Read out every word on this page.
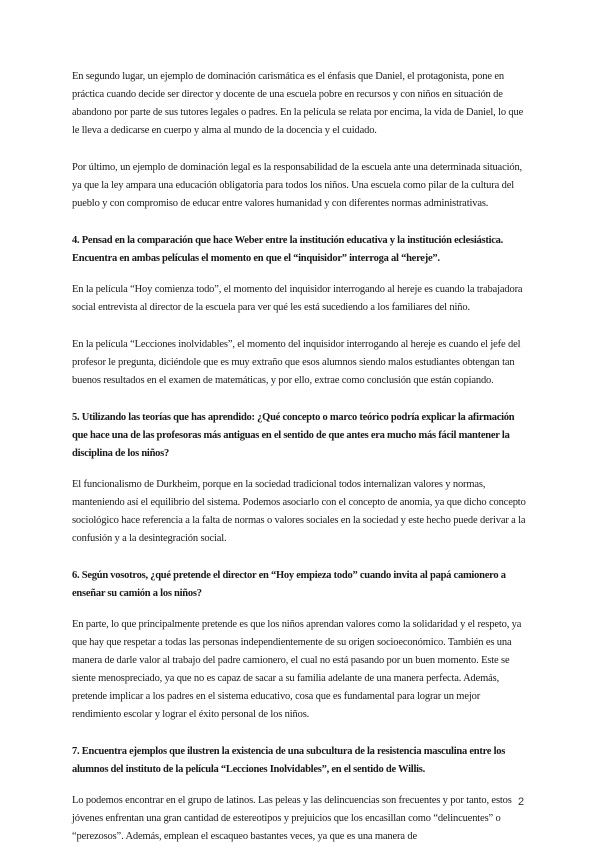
En segundo lugar, un ejemplo de dominación carismática es el énfasis que Daniel, el protagonista, pone en práctica cuando decide ser director y docente de una escuela pobre en recursos y con niños en situación de abandono por parte de sus tutores legales o padres. En la película se relata por encima, la vida de Daniel, lo que le lleva a dedicarse en cuerpo y alma al mundo de la docencia y el cuidado.

Por último, un ejemplo de dominación legal es la responsabilidad de la escuela ante una determinada situación, ya que la ley ampara una educación obligatoria para todos los niños. Una escuela como pilar de la cultura del pueblo y con compromiso de educar entre valores humanidad y con diferentes normas administrativas.

4. Pensad en la comparación que hace Weber entre la institución educativa y la institución eclesiástica. Encuentra en ambas películas el momento en que el “inquisidor” interroga al “hereje”.

En la película “Hoy comienza todo”, el momento del inquisidor interrogando al hereje es cuando la trabajadora social entrevista al director de la escuela para ver qué les está sucediendo a los familiares del niño.

En la película “Lecciones inolvidables”, el momento del inquisidor interrogando al hereje es cuando el jefe del profesor le pregunta, diciéndole que es muy extraño que esos alumnos siendo malos estudiantes obtengan tan buenos resultados en el examen de matemáticas, y por ello, extrae como conclusión que están copiando.

5. Utilizando las teorías que has aprendido: ¿Qué concepto o marco teórico podría explicar la afirmación que hace una de las profesoras más antiguas en el sentido de que antes era mucho más fácil mantener la disciplina de los niños?

El funcionalismo de Durkheim, porque en la sociedad tradicional todos internalizan valores y normas, manteniendo así el equilibrio del sistema. Podemos asociarlo con el concepto de anomia, ya que dicho concepto sociológico hace referencia a la falta de normas o valores sociales en la sociedad y este hecho puede derivar a la confusión y a la desintegración social.

6. Según vosotros, ¿qué pretende el director en “Hoy empieza todo” cuando invita al papá camionero a enseñar su camión a los niños?

En parte, lo que principalmente pretende es que los niños aprendan valores como la solidaridad y el respeto, ya que hay que respetar a todas las personas independientemente de su origen socioeconómico. También es una manera de darle valor al trabajo del padre camionero, el cual no está pasando por un buen momento. Este se siente menospreciado, ya que no es capaz de sacar a su familia adelante de una manera perfecta. Además, pretende implicar a los padres en el sistema educativo, cosa que es fundamental para lograr un mejor rendimiento escolar y lograr el éxito personal de los niños.

7. Encuentra ejemplos que ilustren la existencia de una subcultura de la resistencia masculina entre los alumnos del instituto de la película “Lecciones Inolvidables”, en el sentido de Willis.

Lo podemos encontrar en el grupo de latinos. Las peleas y las delincuencias son frecuentes y por tanto, estos jóvenes enfrentan una gran cantidad de estereotipos y prejuicios que los encasillan como “delincuentes” o “perezosos”. Además, emplean el escaqueo bastantes veces, ya que es una manera de

2
